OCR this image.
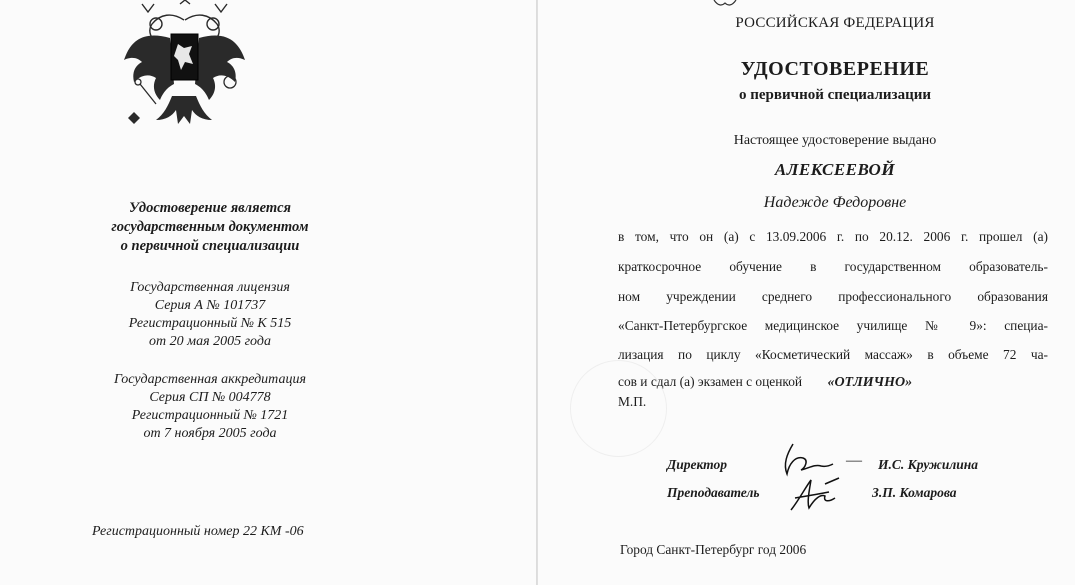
Удостоверение является
государственным документом
о первичной специализации
Государственная лицензия
Серия А № 101737
Регистрационный № К 515
от 20 мая 2005 года
Государственная аккредитация
Серия СП № 004778
Регистрационный № 1721
от 7 ноября 2005 года
Регистрационный номер 22 КМ -06
РОССИЙСКАЯ ФЕДЕРАЦИЯ
УДОСТОВЕРЕНИЕ
о первичной специализации
Настоящее удостоверение выдано
АЛЕКСЕЕВОЙ
Надежде Федоровне
в том, что он (а) с 13.09.2006 г. по 20.12. 2006 г. прошел (а)
краткосрочное обучение в государственном образователь-
ном учреждении среднего профессионального образования
«Санкт-Петербургское медицинское училище № 9»: специа-
лизация по циклу «Косметический массаж» в объеме 72 ча-
сов и сдал (а) экзамен с оценкой «ОТЛИЧНО»
М.П.
Директор	— И.С. Кружилина
Преподаватель	З.П. Комарова
Город Санкт-Петербург год 2006
